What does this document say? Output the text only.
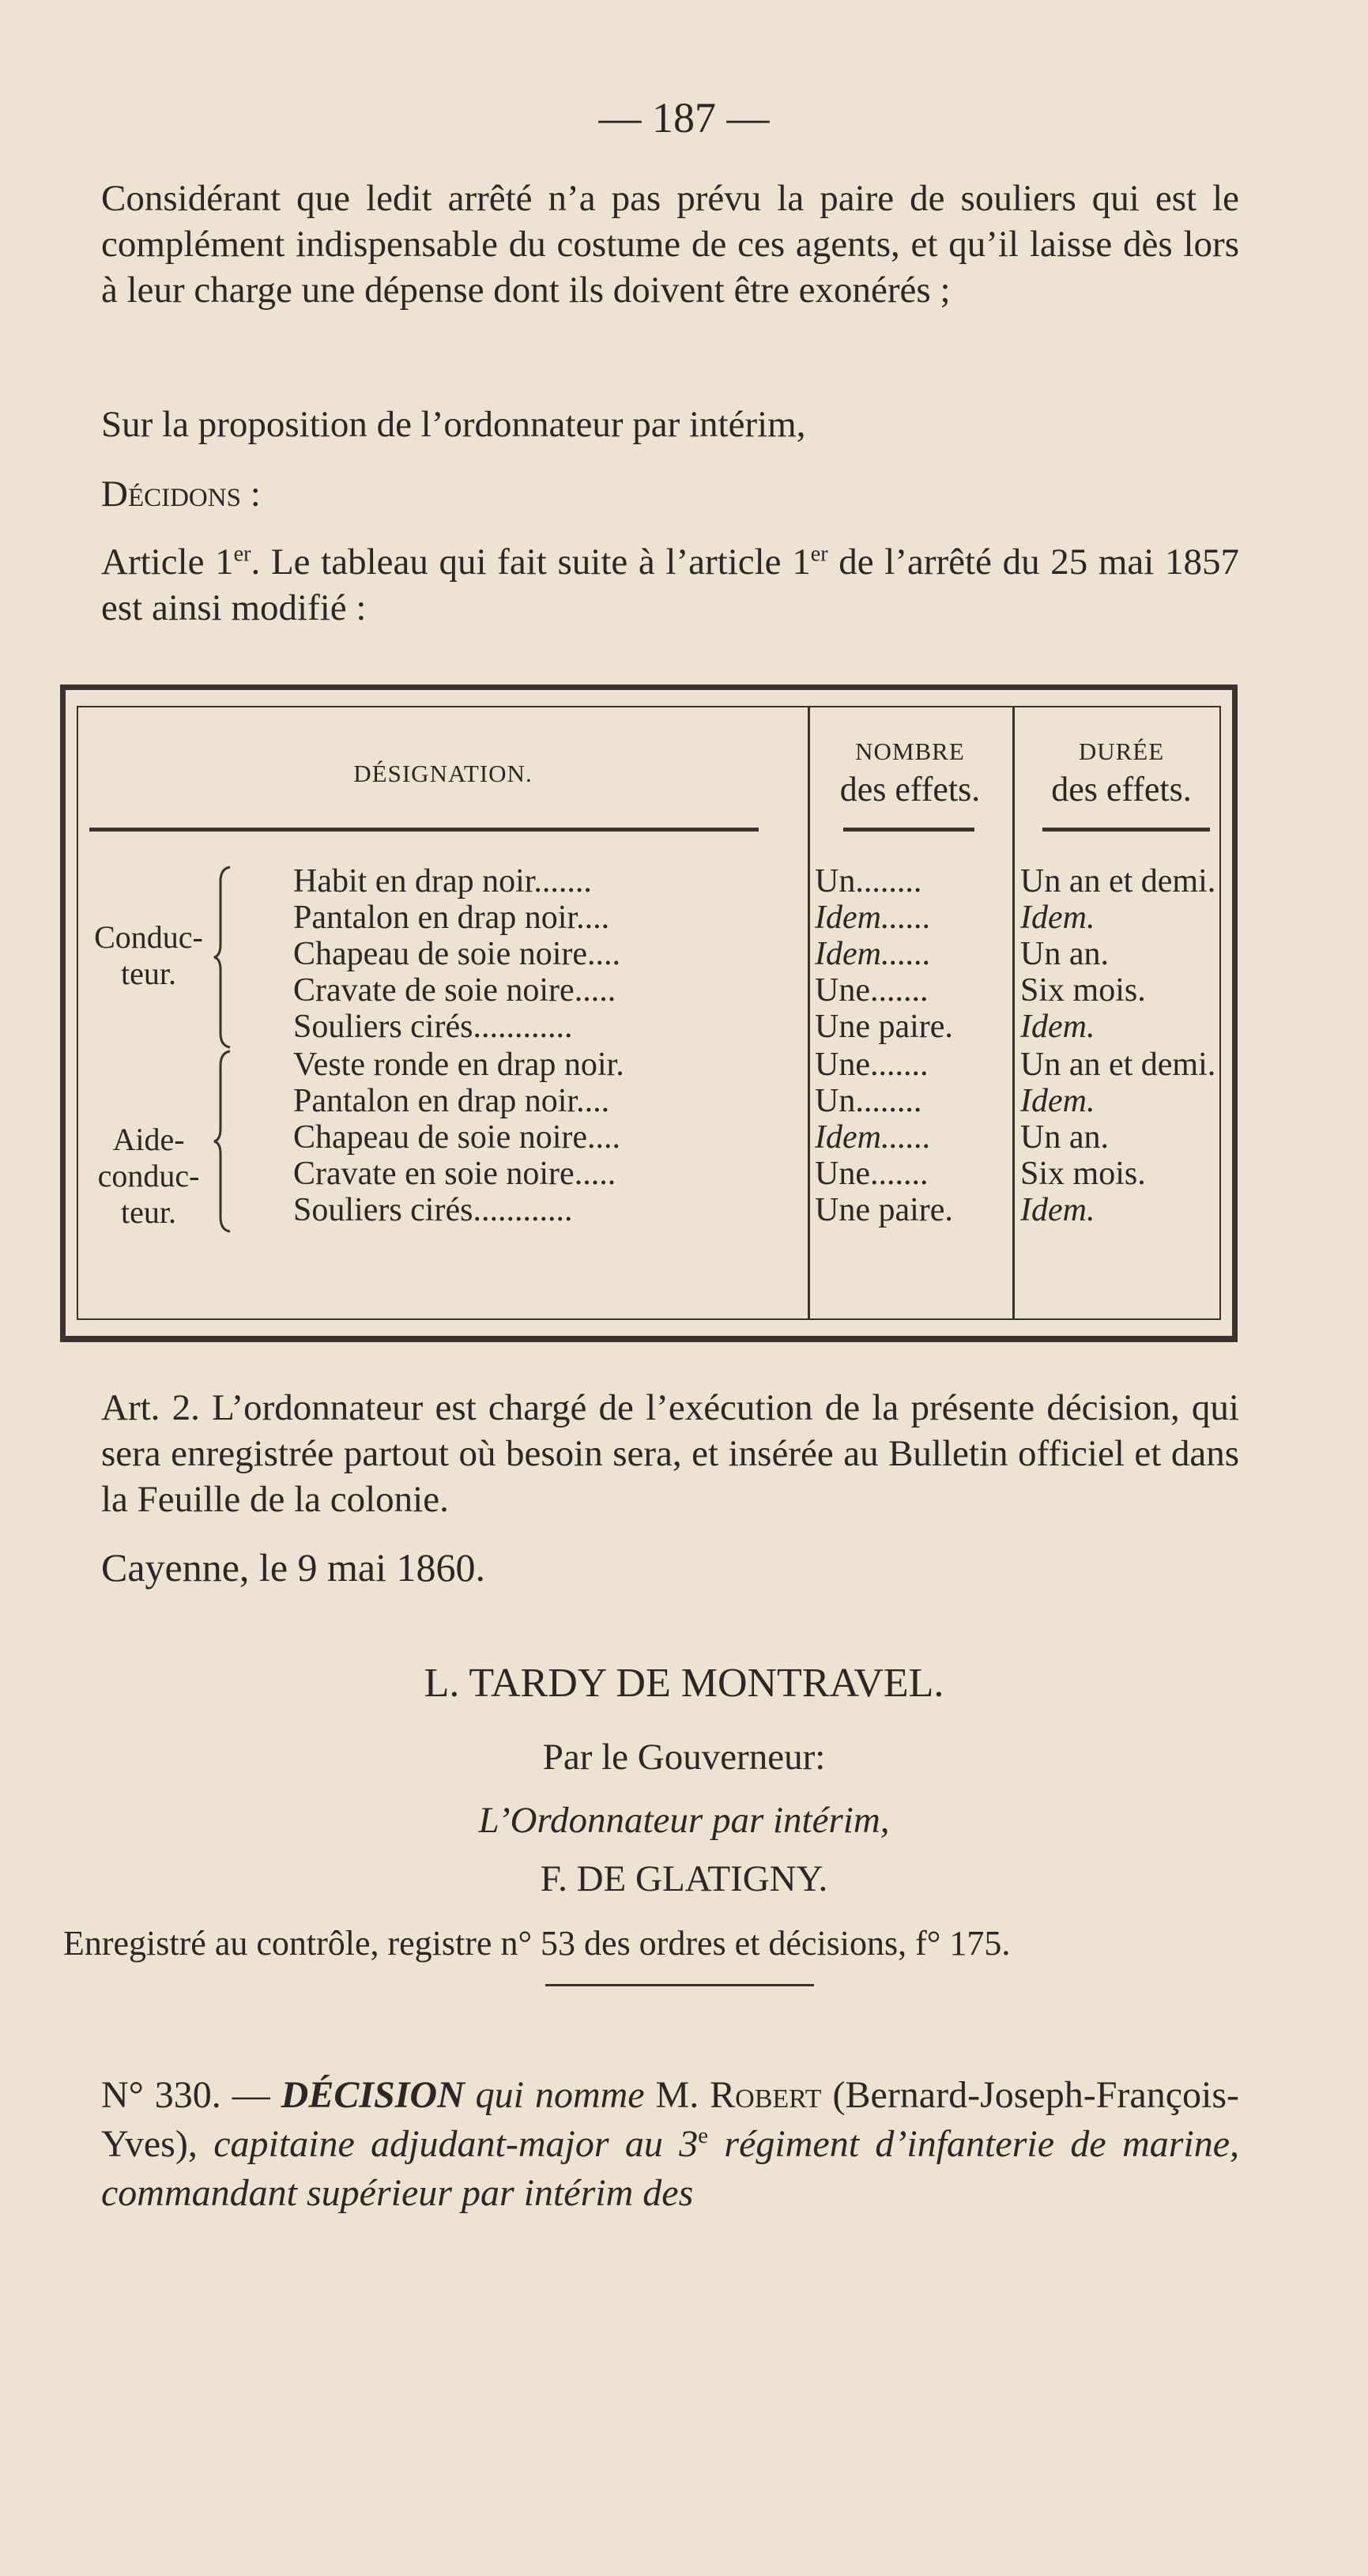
— 187 —
Considérant que ledit arrêté n’a pas prévu la paire de souliers qui est le complément indispensable du costume de ces agents, et qu’il laisse dès lors à leur charge une dépense dont ils doivent être exonérés ;
Sur la proposition de l’ordonnateur par intérim,
Décidons :
Article 1er. Le tableau qui fait suite à l’article 1er de l’arrêté du 25 mai 1857 est ainsi modifié :
DÉSIGNATION.
NOMBRE
des effets.
DURÉE
des effets.
Conduc-
teur.
Aide-
conduc-
teur.
Habit en drap noir.......
Pantalon en drap noir....
Chapeau de soie noire....
Cravate de soie noire.....
Souliers cirés............
Un........
Idem......
Idem......
Une.......
Une paire.
Un an et demi.
Idem.
Un an.
Six mois.
Idem.
Veste ronde en drap noir.
Pantalon en drap noir....
Chapeau de soie noire....
Cravate en soie noire.....
Souliers cirés............
Une.......
Un........
Idem......
Une.......
Une paire.
Un an et demi.
Idem.
Un an.
Six mois.
Idem.
Art. 2. L’ordonnateur est chargé de l’exécution de la présente décision, qui sera enregistrée partout où besoin sera, et insérée au Bulletin officiel et dans la Feuille de la colonie.
Cayenne, le 9 mai 1860.
L. TARDY DE MONTRAVEL.
Par le Gouverneur:
L’Ordonnateur par intérim,
F. DE GLATIGNY.
Enregistré au contrôle, registre n° 53 des ordres et décisions, f° 175.
N° 330. — DÉCISION qui nomme M. Robert (Bernard-Joseph-François-Yves), capitaine adjudant-major au 3e régiment d’infanterie de marine, commandant supérieur par intérim des
